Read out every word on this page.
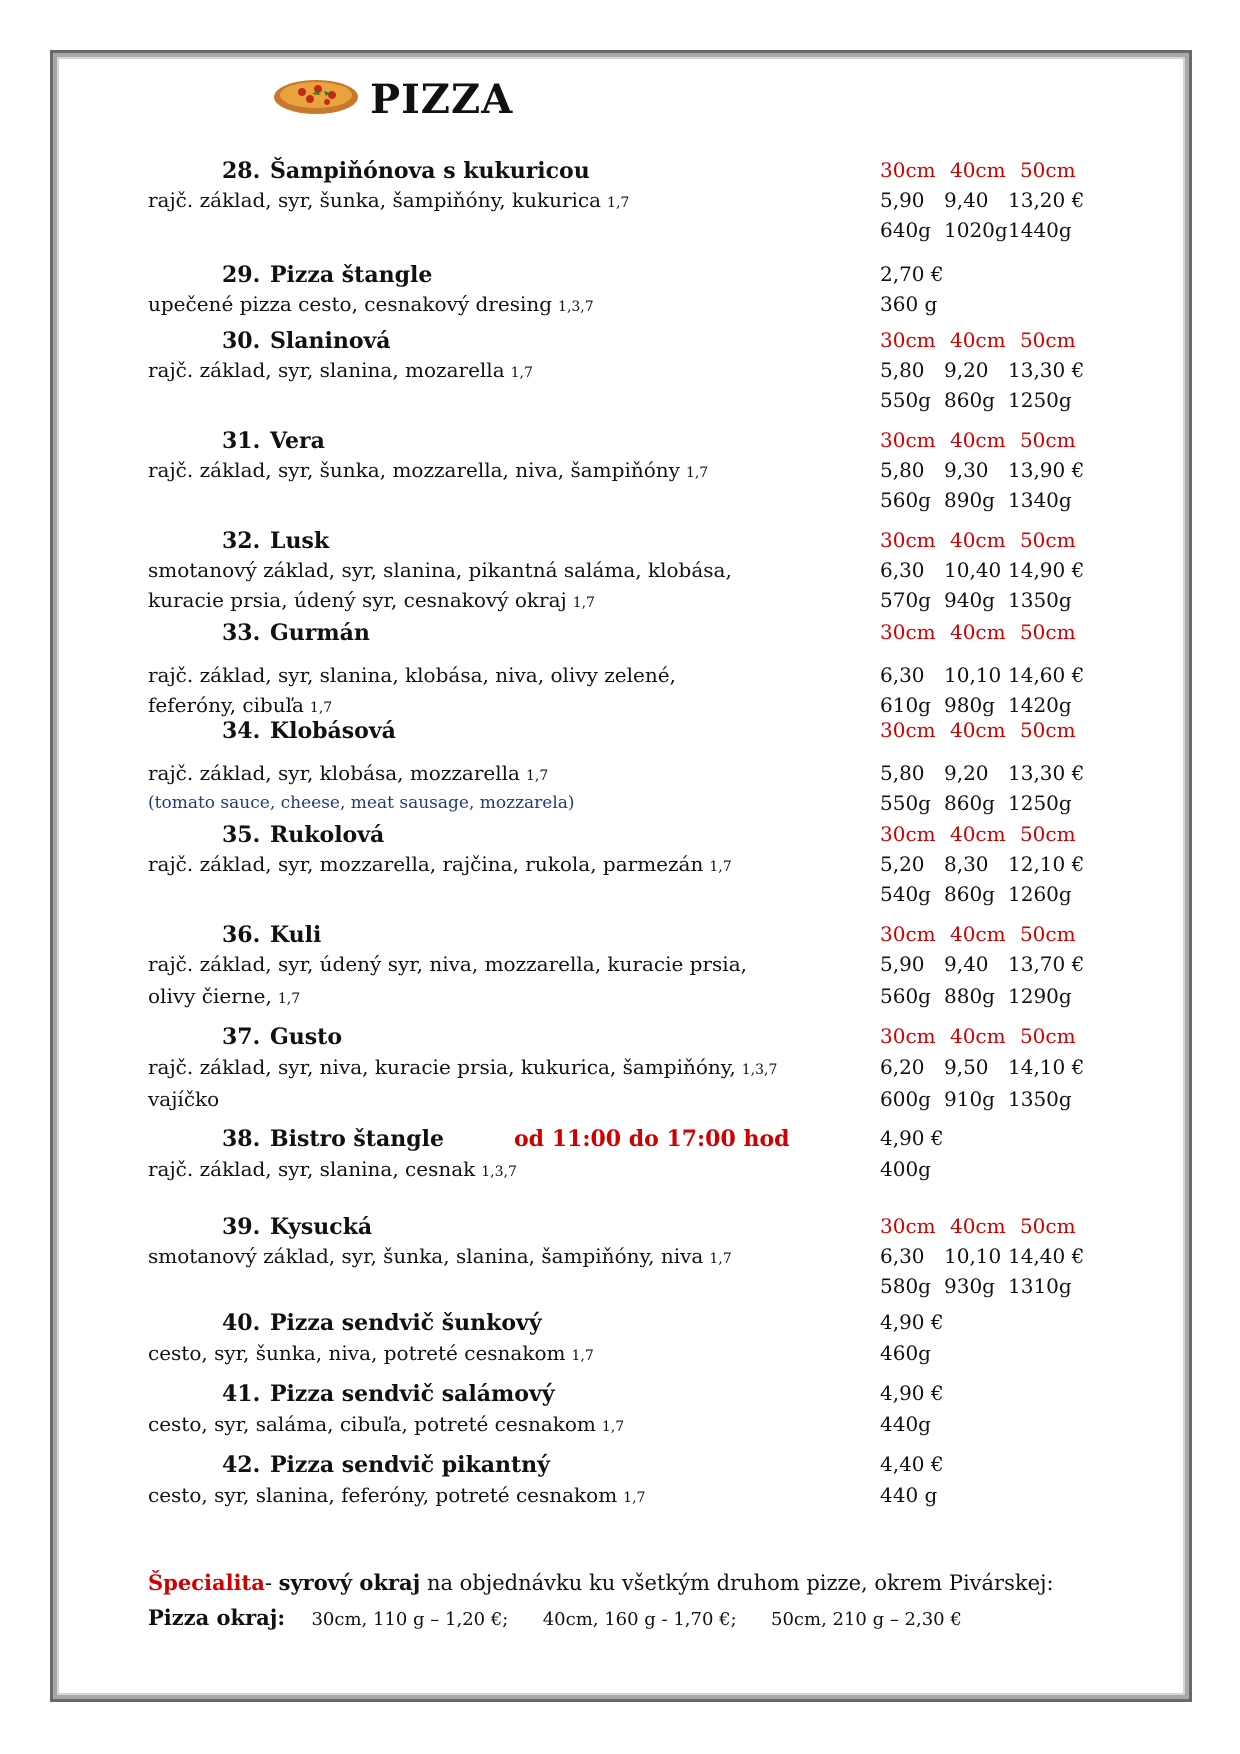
PIZZA
28. Šampiňónova s kukuricou
rajč. základ, syr, šunka, šampiňóny, kukurica 1,7
30cm 40cm 50cm
5,90 9,40 13,20 €
640g 1020g1440g
29. Pizza štangle
upečené pizza cesto, cesnakový dresing 1,3,7
2,70 €
360 g
30. Slaninová
rajč. základ, syr, slanina, mozarella 1,7
30cm 40cm 50cm
5,80 9,20 13,30 €
550g 860g 1250g
31. Vera
rajč. základ, syr, šunka, mozzarella, niva, šampiňóny 1,7
30cm 40cm 50cm
5,80 9,30 13,90 €
560g 890g 1340g
32. Lusk
smotanový základ, syr, slanina, pikantná saláma, klobása,
kuracie prsia, údený syr, cesnakový okraj 1,7
30cm 40cm 50cm
6,30 10,40 14,90 €
570g 940g 1350g
33. Gurmán
rajč. základ, syr, slanina, klobása, niva, olivy zelené,
feferóny, cibuľa 1,7
30cm 40cm 50cm
6,30 10,10 14,60 €
610g 980g 1420g
34. Klobásová
rajč. základ, syr, klobása, mozzarella 1,7
(tomato sauce, cheese, meat sausage, mozzarela)
30cm 40cm 50cm
5,80 9,20 13,30 €
550g 860g 1250g
35. Rukolová
rajč. základ, syr, mozzarella, rajčina, rukola, parmezán 1,7
30cm 40cm 50cm
5,20 8,30 12,10 €
540g 860g 1260g
36. Kuli
rajč. základ, syr, údený syr, niva, mozzarella, kuracie prsia,
olivy čierne, 1,7
30cm 40cm 50cm
5,90 9,40 13,70 €
560g 880g 1290g
37. Gusto
rajč. základ, syr, niva, kuracie prsia, kukurica, šampiňóny, 1,3,7
vajíčko
30cm 40cm 50cm
6,20 9,50 14,10 €
600g 910g 1350g
38. Bistro štangle	od 11:00 do 17:00 hod
rajč. základ, syr, slanina, cesnak 1,3,7
4,90 €
400g
39. Kysucká
smotanový základ, syr, šunka, slanina, šampiňóny, niva 1,7
30cm 40cm 50cm
6,30 10,10 14,40 €
580g 930g 1310g
40. Pizza sendvič šunkový
cesto, syr, šunka, niva, potreté cesnakom 1,7
4,90 €
460g
41. Pizza sendvič salámový
cesto, syr, saláma, cibuľa, potreté cesnakom 1,7
4,90 €
440g
42. Pizza sendvič pikantný
cesto, syr, slanina, feferóny, potreté cesnakom 1,7
4,40 €
440 g
Špecialita- syrový okraj na objednávku ku všetkým druhom pizze, okrem Pivárskej:
Pizza okraj: 30cm, 110 g – 1,20 €; 40cm, 160 g - 1,70 €; 50cm, 210 g – 2,30 €
